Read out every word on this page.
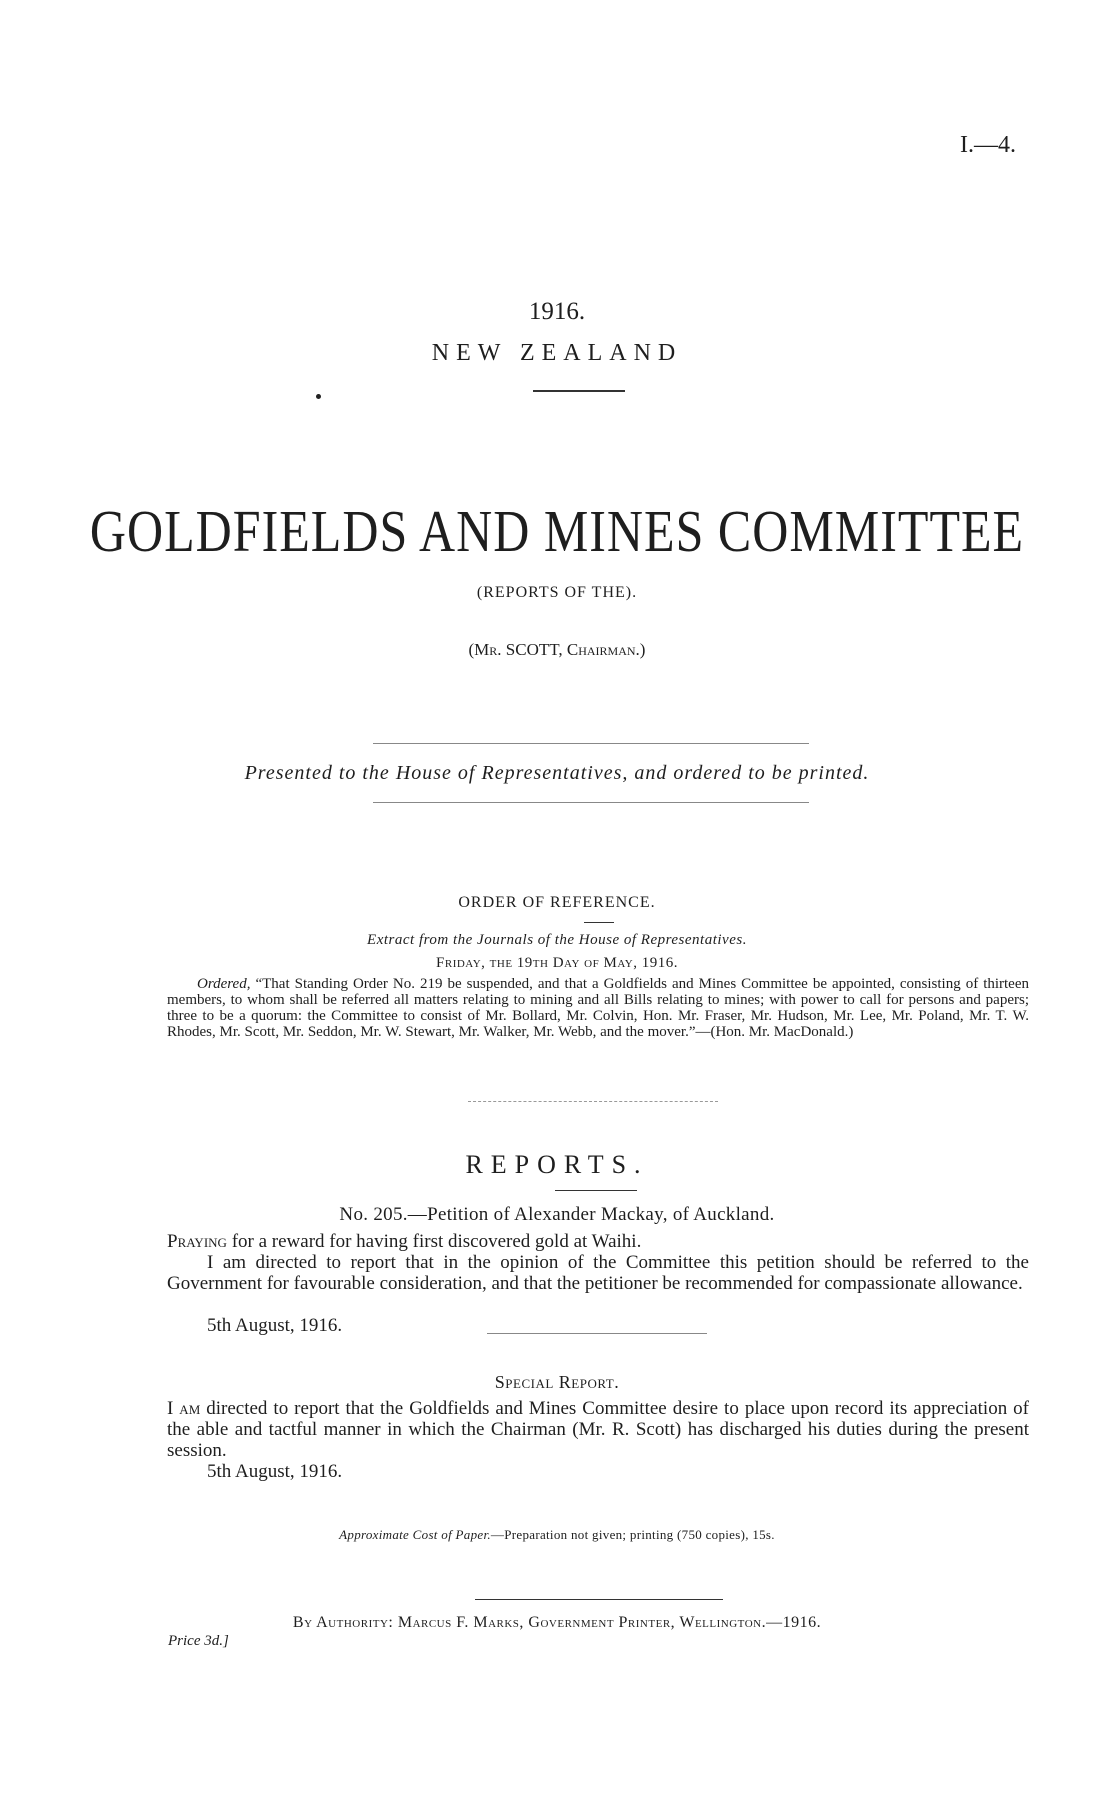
I.—4.
1916.
NEW ZEALAND
GOLDFIELDS AND MINES COMMITTEE
(REPORTS OF THE).
(Mr. SCOTT, Chairman.)
Presented to the House of Representatives, and ordered to be printed.
ORDER OF REFERENCE.
Extract from the Journals of the House of Representatives.
Friday, the 19th Day of May, 1916.
Ordered, “That Standing Order No. 219 be suspended, and that a Goldfields and Mines Committee be appointed, consisting of thirteen members, to whom shall be referred all matters relating to mining and all Bills relating to mines; with power to call for persons and papers; three to be a quorum: the Committee to consist of Mr. Bollard, Mr. Colvin, Hon. Mr. Fraser, Mr. Hudson, Mr. Lee, Mr. Poland, Mr. T. W. Rhodes, Mr. Scott, Mr. Seddon, Mr. W. Stewart, Mr. Walker, Mr. Webb, and the mover.”—(Hon. Mr. MacDonald.)
REPORTS.
No. 205.—Petition of Alexander Mackay, of Auckland.
Praying for a reward for having first discovered gold at Waihi.
I am directed to report that in the opinion of the Committee this petition should be referred to the Government for favourable consideration, and that the petitioner be recommended for compassionate allowance.
5th August, 1916.
Special Report.
I am directed to report that the Goldfields and Mines Committee desire to place upon record its appreciation of the able and tactful manner in which the Chairman (Mr. R. Scott) has discharged his duties during the present session.
5th August, 1916.
Approximate Cost of Paper.—Preparation not given; printing (750 copies), 15s.
By Authority: Marcus F. Marks, Government Printer, Wellington.—1916.
Price 3d.]
